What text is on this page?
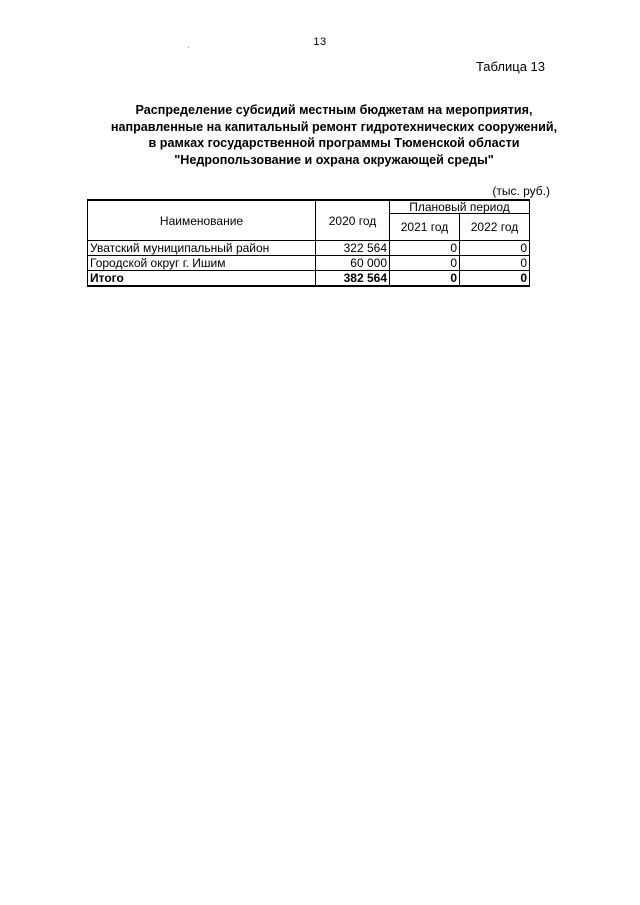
13
Таблица 13
Распределение субсидий местным бюджетам на мероприятия,
направленные на капитальный ремонт гидротехнических сооружений,
в рамках государственной программы Тюменской области
"Недропользование и охрана окружающей среды"
(тыс. руб.)
Наименование	2020 год	Плановый период	
		2021 год	2022 год
Уватский муниципальный район	322 564	0	0
Городской округ г. Ишим	60 000	0	0
Итого	382 564	0	0
